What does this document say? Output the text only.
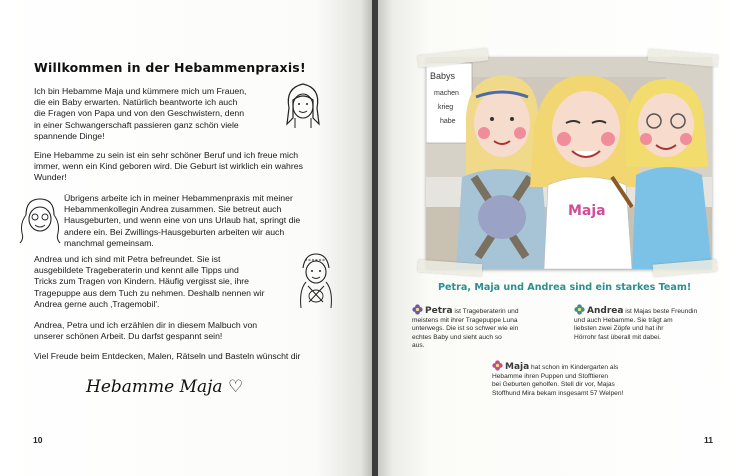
Willkommen in der Hebammenpraxis!
Ich bin Hebamme Maja und kümmere mich um Frauen,
die ein Baby erwarten. Natürlich beantworte ich auch
die Fragen von Papa und von den Geschwistern, denn
in einer Schwangerschaft passieren ganz schön viele
spannende Dinge!
Eine Hebamme zu sein ist ein sehr schöner Beruf und ich freue mich
immer, wenn ein Kind geboren wird. Die Geburt ist wirklich ein wahres
Wunder!
Übrigens arbeite ich in meiner Hebammenpraxis mit meiner
Hebammenkollegin Andrea zusammen. Sie betreut auch
Hausgeburten, und wenn eine von uns Urlaub hat, springt die
andere ein. Bei Zwillings-Hausgeburten arbeiten wir auch
manchmal gemeinsam.
Andrea und ich sind mit Petra befreundet. Sie ist
ausgebildete Trageberaterin und kennt alle Tipps und
Tricks zum Tragen von Kindern. Häufig vergisst sie, ihre
Tragepuppe aus dem Tuch zu nehmen. Deshalb nennen wir
Andrea gerne auch ‚Tragemobil'.
Andrea, Petra und ich erzählen dir in diesem Malbuch von
unserer schönen Arbeit. Du darfst gespannt sein!
Viel Freude beim Entdecken, Malen, Rätseln und Basteln wünscht dir
Hebamme Maja ♡
10
Babys
machen
krieg
habe
Maja
Petra, Maja und Andrea sind ein starkes Team!
Petra ist Trageberaterin und
meistens mit ihrer Tragepuppe Luna
unterwegs. Die ist so schwer wie ein
echtes Baby und sieht auch so
aus.
Andrea ist Majas beste Freundin
und auch Hebamme. Sie trägt am
liebsten zwei Zöpfe und hat ihr
Hörrohr fast überall mit dabei.
Maja hat schon im Kindergarten als
Hebamme ihren Puppen und Stofftieren
bei Geburten geholfen. Stell dir vor, Majas
Stoffhund Mira bekam insgesamt 57 Welpen!
11
